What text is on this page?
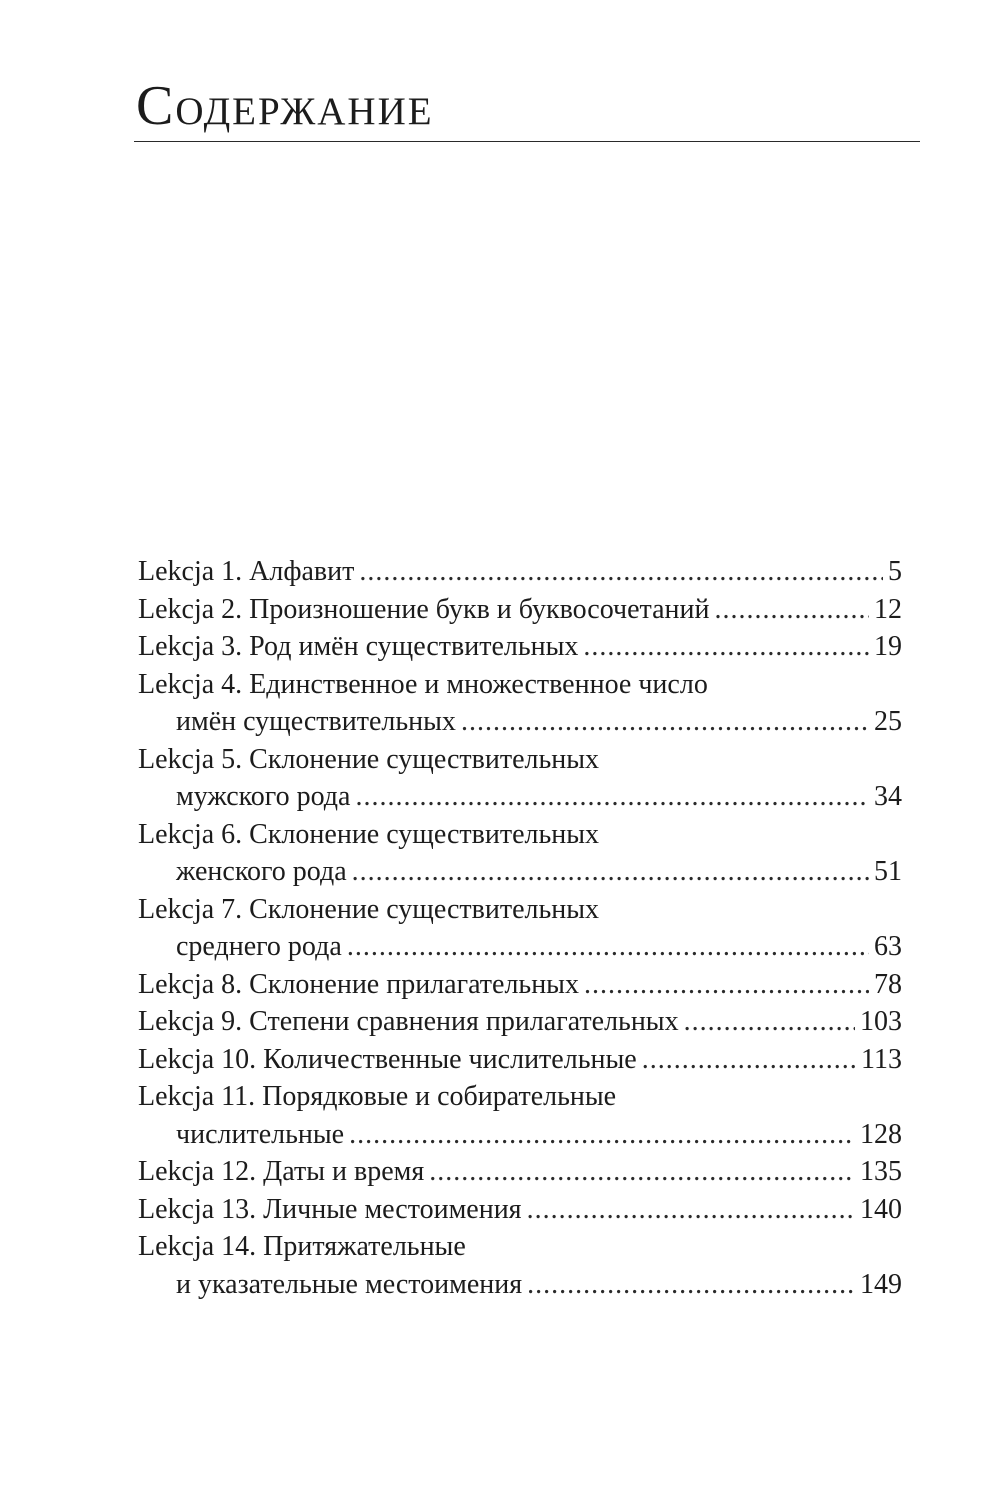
Содержание
Lekcja 1. Алфавит .....	5
Lekcja 2. Произношение букв и буквосочетаний .....	12
Lekcja 3. Род имён существительных .....	19
Lekcja 4. Единственное и множественное число
имён существительных .....	25
Lekcja 5. Склонение существительных
мужского рода .....	34
Lekcja 6. Склонение существительных
женского рода .....	51
Lekcja 7. Склонение существительных
среднего рода .....	63
Lekcja 8. Склонение прилагательных .....	78
Lekcja 9. Степени сравнения прилагательных .....	103
Lekcja 10. Количественные числительные .....	113
Lekcja 11. Порядковые и собирательные
числительные .....	128
Lekcja 12. Даты и время .....	135
Lekcja 13. Личные местоимения .....	140
Lekcja 14. Притяжательные
и указательные местоимения .....	149
